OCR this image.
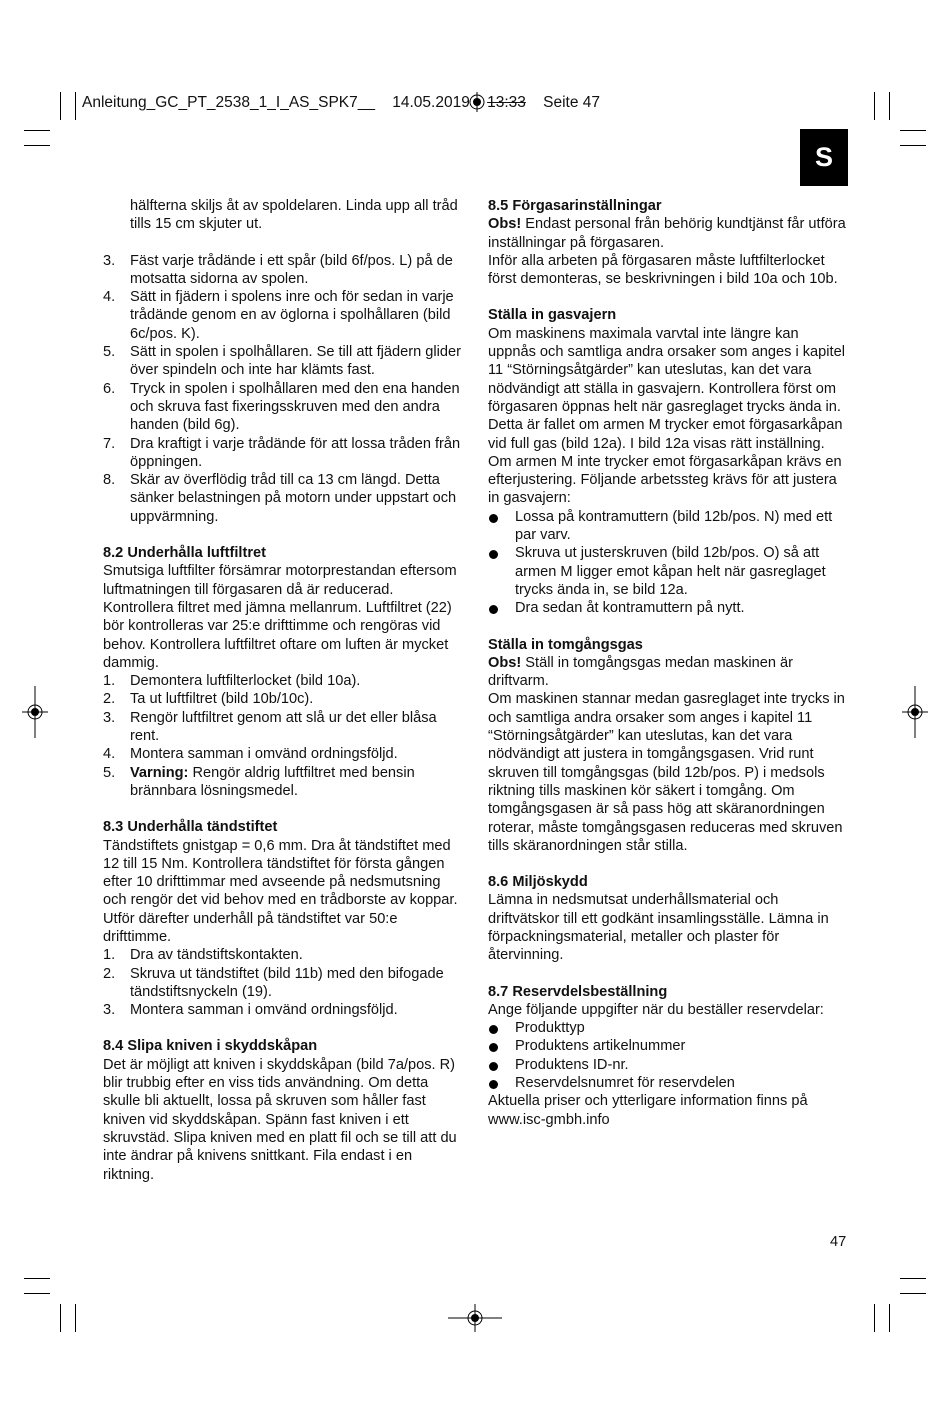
Anleitung_GC_PT_2538_1_I_AS_SPK7__ 14.05.2019 13:33 Seite 47
S

hälfterna skiljs åt av spoldelaren. Linda upp all tråd tills 15 cm skjuter ut.

3. Fäst varje trådände i ett spår (bild 6f/pos. L) på de motsatta sidorna av spolen.
4. Sätt in fjädern i spolens inre och för sedan in varje trådände genom en av öglorna i spolhållaren (bild 6c/pos. K).
5. Sätt in spolen i spolhållaren. Se till att fjädern glider över spindeln och inte har klämts fast.
6. Tryck in spolen i spolhållaren med den ena handen och skruva fast fixeringsskruven med den andra handen (bild 6g).
7. Dra kraftigt i varje trådände för att lossa tråden från öppningen.
8. Skär av överflödig tråd till ca 13 cm längd. Detta sänker belastningen på motorn under uppstart och uppvärmning.

8.2 Underhålla luftfiltret

Smutsiga luftfilter försämrar motorprestandan eftersom luftmatningen till förgasaren då är reducerad. Kontrollera filtret med jämna mellanrum. Luftfiltret (22) bör kontrolleras var 25:e drifttimme och rengöras vid behov. Kontrollera luftfiltret oftare om luften är mycket dammig.

1. Demontera luftfilterlocket (bild 10a).
2. Ta ut luftfiltret (bild 10b/10c).
3. Rengör luftfiltret genom att slå ur det eller blåsa rent.
4. Montera samman i omvänd ordningsföljd.
5. Varning: Rengör aldrig luftfiltret med bensin brännbara lösningsmedel.

8.3 Underhålla tändstiftet

Tändstiftets gnistgap = 0,6 mm. Dra åt tändstiftet med 12 till 15 Nm. Kontrollera tändstiftet för första gången efter 10 drifttimmar med avseende på nedsmutsning och rengör det vid behov med en trådborste av koppar. Utför därefter underhåll på tändstiftet var 50:e drifttimme.

1. Dra av tändstiftskontakten.
2. Skruva ut tändstiftet (bild 11b) med den bifogade tändstiftsnyckeln (19).
3. Montera samman i omvänd ordningsföljd.

8.4 Slipa kniven i skyddskåpan

Det är möjligt att kniven i skyddskåpan (bild 7a/pos. R) blir trubbig efter en viss tids användning. Om detta skulle bli aktuellt, lossa på skruven som håller fast kniven vid skyddskåpan. Spänn fast kniven i ett skruvstäd. Slipa kniven med en platt fil och se till att du inte ändrar på knivens snittkant. Fila endast i en riktning.

8.5 Förgasarinställningar

Obs! Endast personal från behörig kundtjänst får utföra inställningar på förgasaren.

Inför alla arbeten på förgasaren måste luftfilterlocket först demonteras, se beskrivningen i bild 10a och 10b.

Ställa in gasvajern

Om maskinens maximala varvtal inte längre kan uppnås och samtliga andra orsaker som anges i kapitel 11 “Störningsåtgärder” kan uteslutas, kan det vara nödvändigt att ställa in gasvajern. Kontrollera först om förgasaren öppnas helt när gasreglaget trycks ända in. Detta är fallet om armen M trycker emot förgasarkåpan vid full gas (bild 12a). I bild 12a visas rätt inställning. Om armen M inte trycker emot förgasarkåpan krävs en efterjustering. Följande arbetssteg krävs för att justera in gasvajern:

Lossa på kontramuttern (bild 12b/pos. N) med ett par varv.
Skruva ut justerskruven (bild 12b/pos. O) så att armen M ligger emot kåpan helt när gasreglaget trycks ända in, se bild 12a.
Dra sedan åt kontramuttern på nytt.

Ställa in tomgångsgas

Obs! Ställ in tomgångsgas medan maskinen är driftvarm.

Om maskinen stannar medan gasreglaget inte trycks in och samtliga andra orsaker som anges i kapitel 11 “Störningsåtgärder” kan uteslutas, kan det vara nödvändigt att justera in tomgångsgasen. Vrid runt skruven till tomgångsgas (bild 12b/pos. P) i medsols riktning tills maskinen kör säkert i tomgång. Om tomgångsgasen är så pass hög att skäranordningen roterar, måste tomgångsgasen reduceras med skruven tills skäranordningen står stilla.

8.6 Miljöskydd

Lämna in nedsmutsat underhållsmaterial och driftvätskor till ett godkänt insamlingsställe. Lämna in förpackningsmaterial, metaller och plaster för återvinning.

8.7 Reservdelsbeställning

Ange följande uppgifter när du beställer reservdelar:

Produkttyp
Produktens artikelnummer
Produktens ID-nr.
Reservdelsnumret för reservdelen

Aktuella priser och ytterligare information finns på www.isc-gmbh.info

47
